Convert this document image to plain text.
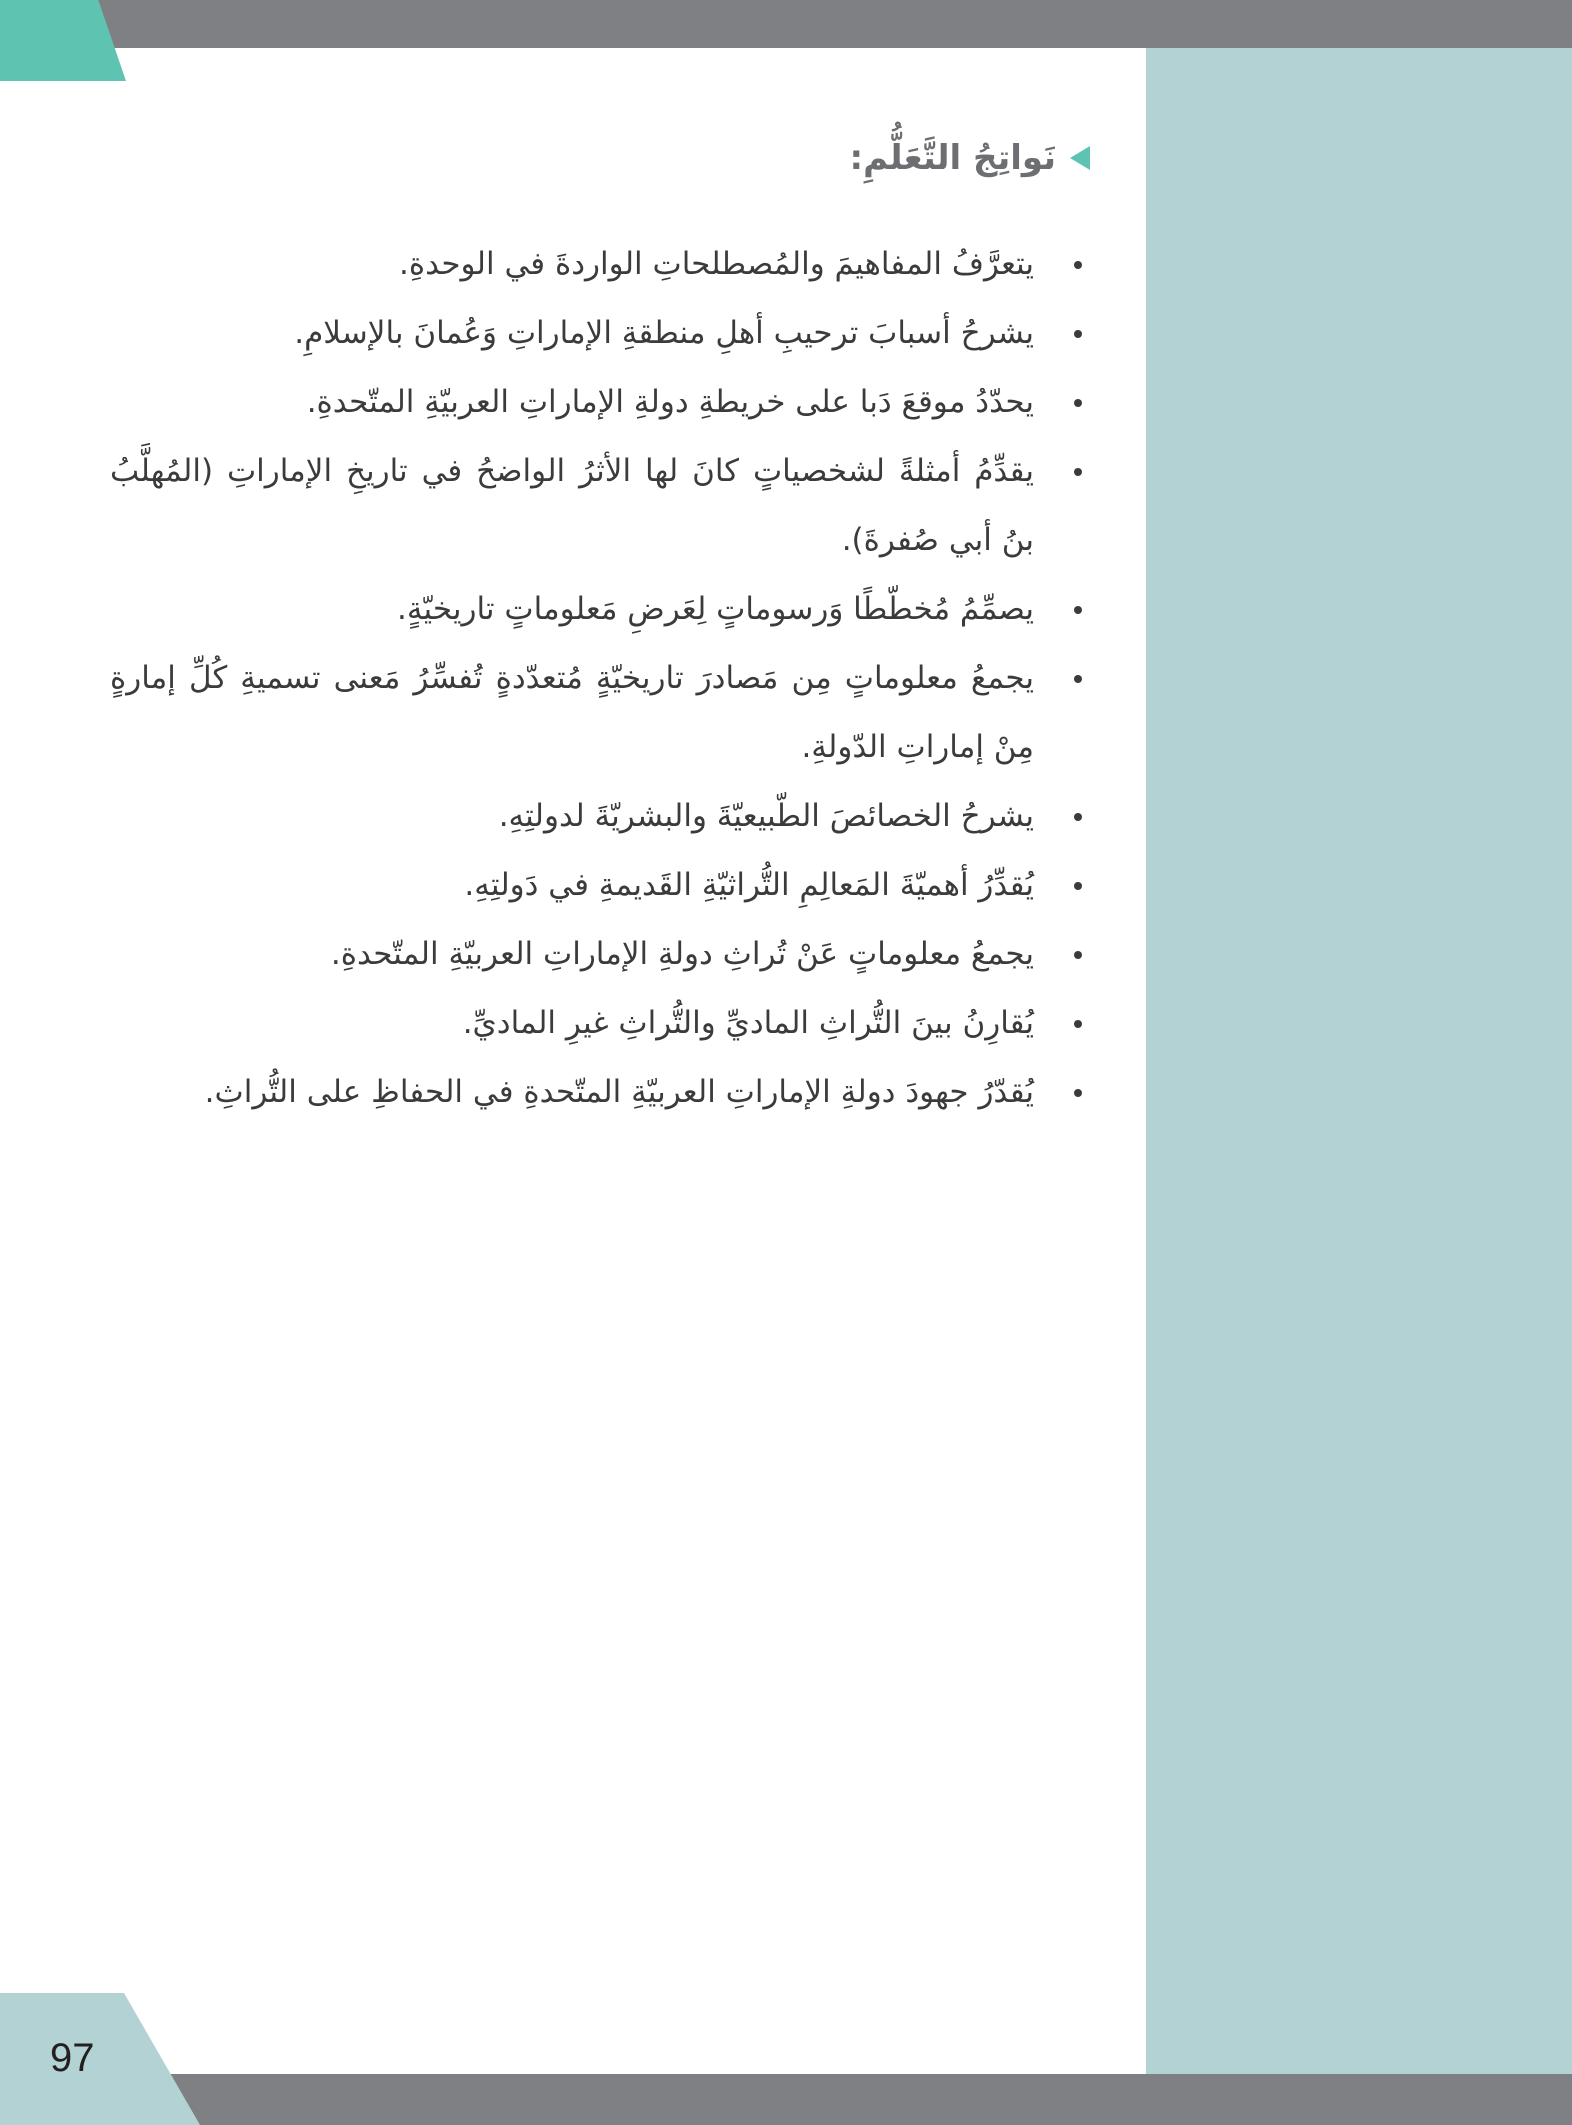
97
نَواتِجُ التَّعَلُّمِ:
يتعرَّفُ المفاهيمَ والمُصطلحاتِ الواردةَ في الوحدةِ.
يشرحُ أسبابَ ترحيبِ أهلِ منطقةِ الإماراتِ وَعُمانَ بالإسلامِ.
يحدّدُ موقعَ دَبا على خريطةِ دولةِ الإماراتِ العربيّةِ المتّحدةِ.
يقدِّمُ أمثلةً لشخصياتٍ كانَ لها الأثرُ الواضحُ في تاريخِ الإماراتِ (المُهلَّبُ بنُ أبي صُفرةَ).
يصمِّمُ مُخطّطًا وَرسوماتٍ لِعَرضِ مَعلوماتٍ تاريخيّةٍ.
يجمعُ معلوماتٍ مِن مَصادرَ تاريخيّةٍ مُتعدّدةٍ تُفسِّرُ مَعنى تسميةِ كُلِّ إمارةٍ مِنْ إماراتِ الدّولةِ.
يشرحُ الخصائصَ الطّبيعيّةَ والبشريّةَ لدولتِهِ.
يُقدِّرُ أهميّةَ المَعالِمِ التُّراثيّةِ القَديمةِ في دَولتِهِ.
يجمعُ معلوماتٍ عَنْ تُراثِ دولةِ الإماراتِ العربيّةِ المتّحدةِ.
يُقارِنُ بينَ التُّراثِ الماديِّ والتُّراثِ غيرِ الماديِّ.
يُقدّرُ جهودَ دولةِ الإماراتِ العربيّةِ المتّحدةِ في الحفاظِ على التُّراثِ.
